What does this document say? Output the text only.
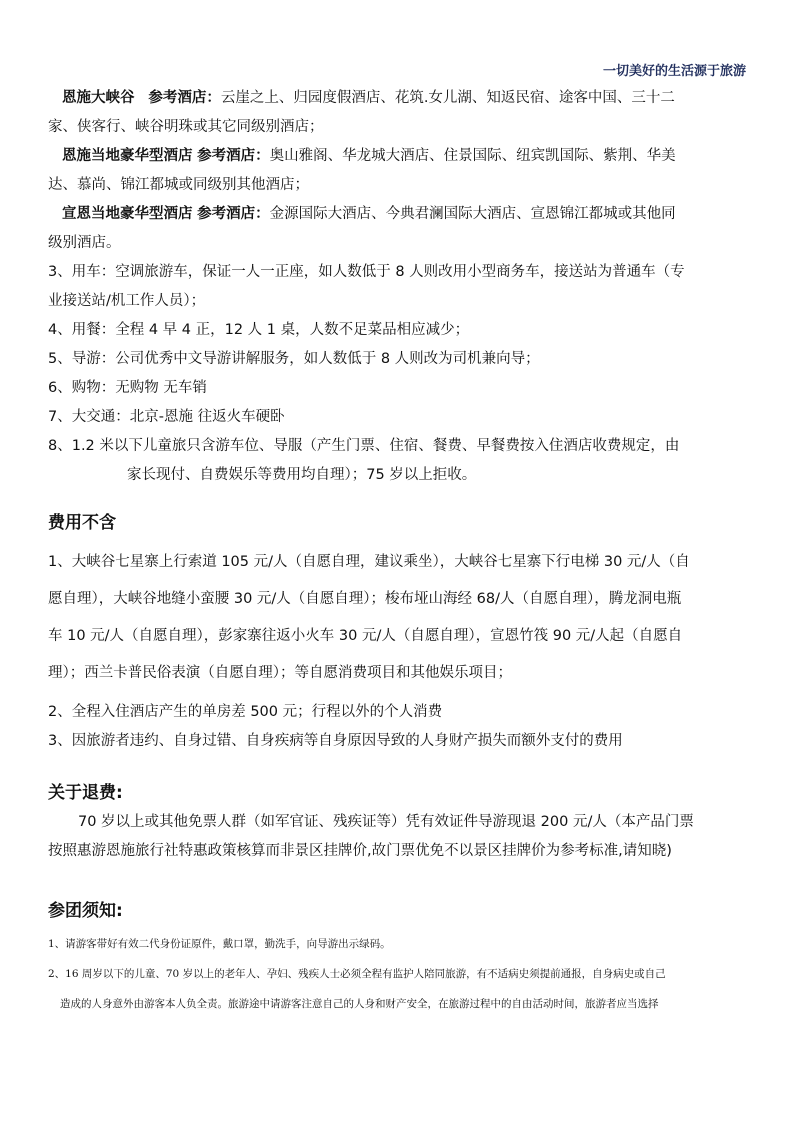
一切美好的生活源于旅游

恩施大峡谷 参考酒店：云崖之上、归园度假酒店、花筑.女儿湖、知返民宿、途客中国、三十二

家、侠客行、峡谷明珠或其它同级别酒店；

恩施当地豪华型酒店 参考酒店：奥山雅阁、华龙城大酒店、住景国际、纽宾凯国际、紫荆、华美

达、慕尚、锦江都城或同级别其他酒店；

宣恩当地豪华型酒店 参考酒店：金源国际大酒店、今典君澜国际大酒店、宣恩锦江都城或其他同

级别酒店。

3、用车：空调旅游车，保证一人一正座，如人数低于 8 人则改用小型商务车，接送站为普通车（专

业接送站/机工作人员）；

4、用餐：全程 4 早 4 正，12 人 1 桌，人数不足菜品相应减少；

5、导游：公司优秀中文导游讲解服务，如人数低于 8 人则改为司机兼向导；

6、购物：无购物 无车销

7、大交通：北京-恩施 往返火车硬卧

8、1.2 米以下儿童旅只含游车位、导服（产生门票、住宿、餐费、早餐费按入住酒店收费规定，由

家长现付、自费娱乐等费用均自理）；75 岁以上拒收。

费用不含

1、大峡谷七星寨上行索道 105 元/人（自愿自理，建议乘坐），大峡谷七星寨下行电梯 30 元/人（自

愿自理），大峡谷地缝小蛮腰 30 元/人（自愿自理）；梭布垭山海经 68/人（自愿自理），腾龙洞电瓶

车 10 元/人（自愿自理），彭家寨往返小火车 30 元/人（自愿自理），宣恩竹筏 90 元/人起（自愿自

理）；西兰卡普民俗表演（自愿自理）；等自愿消费项目和其他娱乐项目；

2、全程入住酒店产生的单房差 500 元；行程以外的个人消费

3、因旅游者违约、自身过错、自身疾病等自身原因导致的人身财产损失而额外支付的费用

关于退费:

70 岁以上或其他免票人群（如军官证、残疾证等）凭有效证件导游现退 200 元/人（本产品门票

按照惠游恩施旅行社特惠政策核算而非景区挂牌价,故门票优免不以景区挂牌价为参考标准,请知晓)

参团须知:

1、请游客带好有效二代身份证原件，戴口罩，勤洗手，向导游出示绿码。

2、16 周岁以下的儿童、70 岁以上的老年人、孕妇、残疾人士必须全程有监护人陪同旅游，有不适病史须提前通报，自身病史或自己

造成的人身意外由游客本人负全责。旅游途中请游客注意自己的人身和财产安全，在旅游过程中的自由活动时间，旅游者应当选择
